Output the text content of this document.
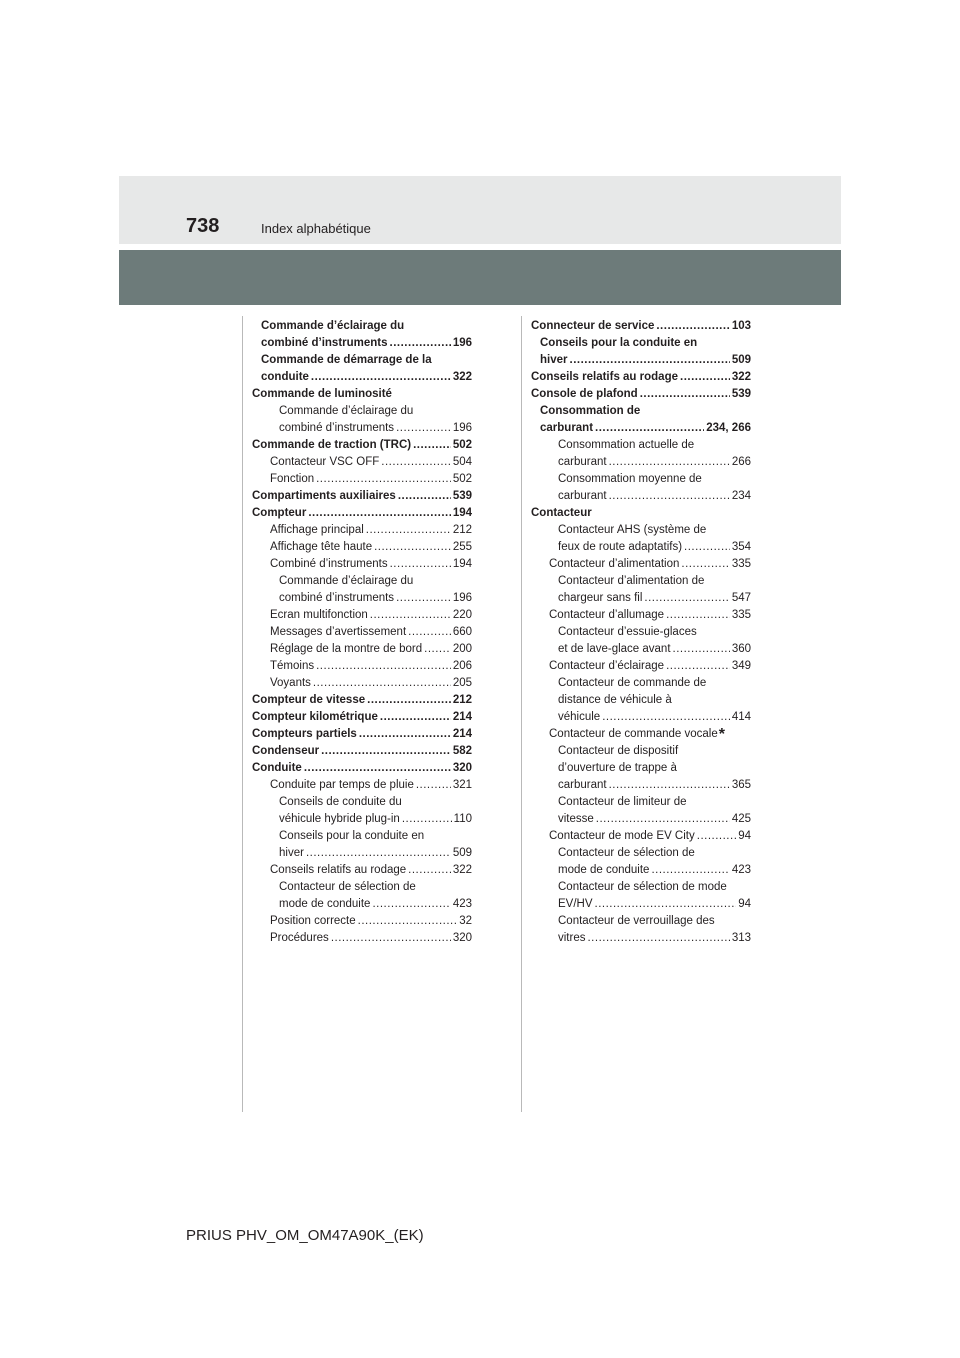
738	Index alphabétique
Commande d’éclairage du
combiné d’instruments .....	196
Commande de démarrage de la
conduite .....	322
Commande de luminosité
Commande d’éclairage du
combiné d’instruments .....	196
Commande de traction (TRC) .....	502
Contacteur VSC OFF .....	504
Fonction .....	502
Compartiments auxiliaires .....	539
Compteur .....	194
Affichage principal .....	212
Affichage tête haute .....	255
Combiné d’instruments .....	194
Commande d’éclairage du
combiné d’instruments .....	196
Ecran multifonction .....	220
Messages d’avertissement .....	660
Réglage de la montre de bord .....	200
Témoins .....	206
Voyants .....	205
Compteur de vitesse .....	212
Compteur kilométrique .....	214
Compteurs partiels .....	214
Condenseur .....	582
Conduite .....	320
Conduite par temps de pluie .....	321
Conseils de conduite du
véhicule hybride plug-in .....	110
Conseils pour la conduite en
hiver .....	509
Conseils relatifs au rodage .....	322
Contacteur de sélection de
mode de conduite .....	423
Position correcte .....	32
Procédures .....	320
Connecteur de service .....	103
Conseils pour la conduite en
hiver .....	509
Conseils relatifs au rodage .....	322
Console de plafond .....	539
Consommation de
carburant .....	234, 266
Consommation actuelle de
carburant .....	266
Consommation moyenne de
carburant .....	234
Contacteur
Contacteur AHS (système de
feux de route adaptatifs) .....	354
Contacteur d’alimentation .....	335
Contacteur d’alimentation de
chargeur sans fil .....	547
Contacteur d’allumage .....	335
Contacteur d’essuie-glaces
et de lave-glace avant .....	360
Contacteur d’éclairage .....	349
Contacteur de commande de
distance de véhicule à
véhicule .....	414
Contacteur de commande vocale *
Contacteur de dispositif
d’ouverture de trappe à
carburant .....	365
Contacteur de limiteur de
vitesse .....	425
Contacteur de mode EV City .....	94
Contacteur de sélection de
mode de conduite .....	423
Contacteur de sélection de mode
EV/HV .....	94
Contacteur de verrouillage des
vitres .....	313
PRIUS PHV_OM_OM47A90K_(EK)
